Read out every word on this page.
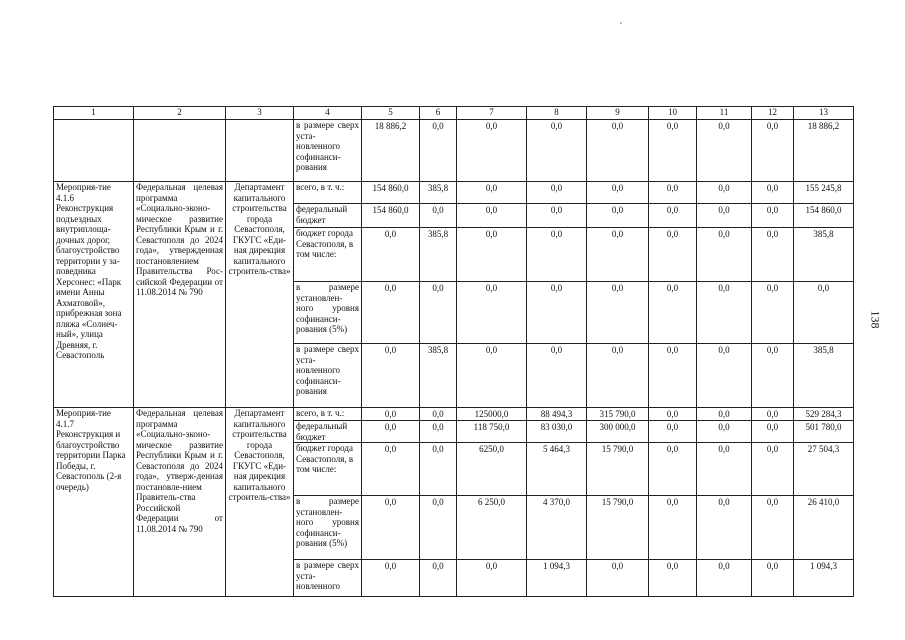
1	2	3	4	5	6	7	8	9	10	11	12	13
			в размере сверх уста-новленного софинанси-рования	18 886,2	0,0	0,0	0,0	0,0	0,0	0,0	0,0	18 886,2
Мероприя-тие 4.1.6 Реконструкция подъездных внутриплоща-дочных дорог, благоустройство территории у за-поведника Херсонес: «Парк имени Анны Ахматовой», прибрежная зона пляжа «Солнеч-ный», улица Древняя, г. Севастополь	Федеральная целевая программа «Социально-эконо-мическое развитие Республики Крым и г. Севастополя до 2024 года», утвержденная постановлением Правительства Рос-сийской Федерации от 11.08.2014 № 790	Департамент капитального строительства города Севастополя, ГКУГС «Еди-ная дирекция капитального строитель-ства»	всего, в т. ч.:	154 860,0	385,8	0,0	0,0	0,0	0,0	0,0	0,0	155 245,8
			федеральный бюджет	154 860,0	0,0	0,0	0,0	0,0	0,0	0,0	0,0	154 860,0
			бюджет города Севастополя, в том числе:	0,0	385,8	0,0	0,0	0,0	0,0	0,0	0,0	385,8
			в размере установлен-ного уровня софинанси-рования (5%)	0,0	0,0	0,0	0,0	0,0	0,0	0,0	0,0	0,0
			в размере сверх уста-новленного софинанси-рования	0,0	385,8	0,0	0,0	0,0	0,0	0,0	0,0	385,8
Мероприя-тие 4.1.7 Реконструкция и благоустройство территории Парка Победы, г. Севастополь (2-я очередь)	Федеральная целевая программа «Социально-эконо-мическое развитие Республики Крым и г. Севастополя до 2024 года», утверж-денная постановле-нием Правитель-ства Российской Федерации от 11.08.2014 № 790	Департамент капитального строительства города Севастополя, ГКУГС «Еди-ная дирекция капитального строитель-ства»	всего, в т. ч.:	0,0	0,0	125000,0	88 494,3	315 790,0	0,0	0,0	0,0	529 284,3
			федеральный бюджет	0,0	0,0	118 750,0	83 030,0	300 000,0	0,0	0,0	0,0	501 780,0
			бюджет города Севастополя, в том числе:	0,0	0,0	6250,0	5 464,3	15 790,0	0,0	0,0	0,0	27 504,3
			в размере установлен-ного уровня софинанси-рования (5%)	0,0	0,0	6 250,0	4 370,0	15 790,0	0,0	0,0	0,0	26 410,0
			в размере сверх уста-новленного	0,0	0,0	0,0	1 094,3	0,0	0,0	0,0	0,0	1 094,3
138
